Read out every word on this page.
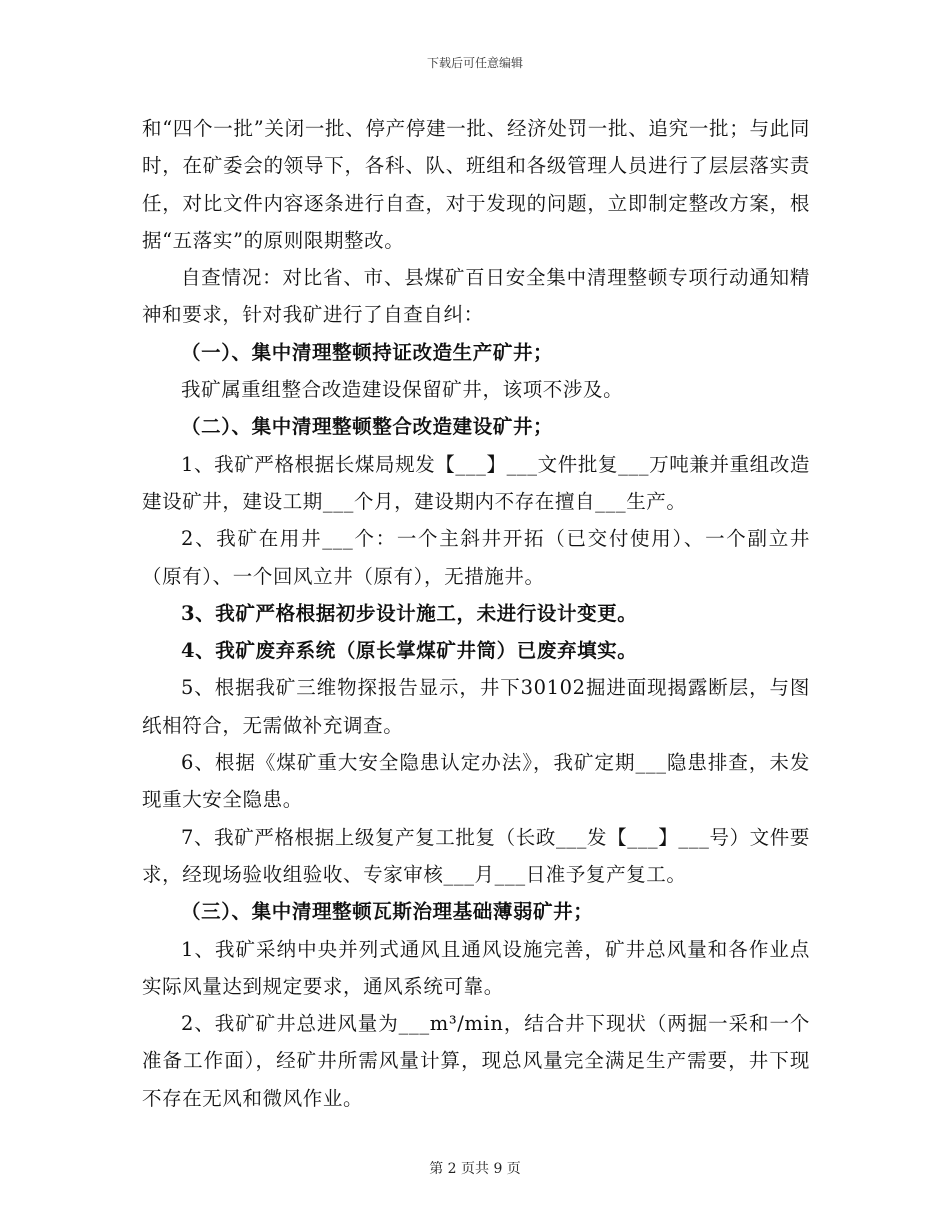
下载后可任意编辑

和“四个一批”关闭一批、停产停建一批、经济处罚一批、追究一批；与此同时，在矿委会的领导下，各科、队、班组和各级管理人员进行了层层落实责任，对比文件内容逐条进行自查，对于发现的问题，立即制定整改方案，根据“五落实”的原则限期整改。

自查情况：对比省、市、县煤矿百日安全集中清理整顿专项行动通知精神和要求，针对我矿进行了自查自纠：

（一）、集中清理整顿持证改造生产矿井；

我矿属重组整合改造建设保留矿井，该项不涉及。

（二）、集中清理整顿整合改造建设矿井；

1、我矿严格根据长煤局规发【___】___文件批复___万吨兼并重组改造建设矿井，建设工期___个月，建设期内不存在擅自___生产。

2、我矿在用井___个：一个主斜井开拓（已交付使用）、一个副立井（原有）、一个回风立井（原有），无措施井。

3、我矿严格根据初步设计施工，未进行设计变更。

4、我矿废弃系统（原长掌煤矿井筒）已废弃填实。

5、根据我矿三维物探报告显示，井下30102掘进面现揭露断层，与图纸相符合，无需做补充调查。

6、根据《煤矿重大安全隐患认定办法》，我矿定期___隐患排查，未发现重大安全隐患。

7、我矿严格根据上级复产复工批复（长政___发【___】___号）文件要求，经现场验收组验收、专家审核___月___日准予复产复工。

（三）、集中清理整顿瓦斯治理基础薄弱矿井；

1、我矿采纳中央并列式通风且通风设施完善，矿井总风量和各作业点实际风量达到规定要求，通风系统可靠。

2、我矿矿井总进风量为___m³/min，结合井下现状（两掘一采和一个准备工作面），经矿井所需风量计算，现总风量完全满足生产需要，井下现不存在无风和微风作业。

第 2 页共 9 页
